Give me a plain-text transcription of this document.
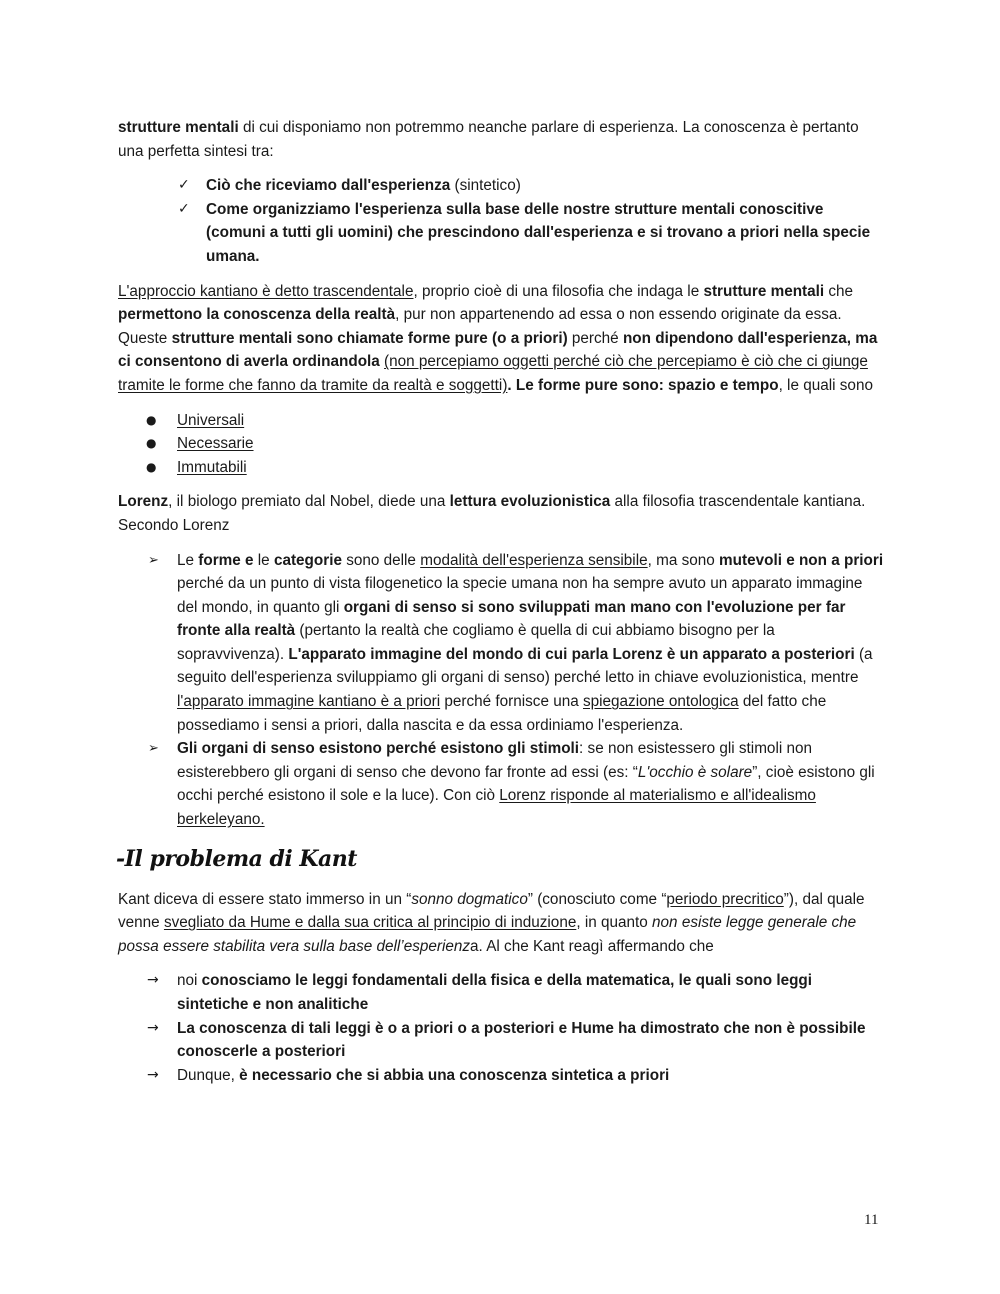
strutture mentali di cui disponiamo non potremmo neanche parlare di esperienza. La conoscenza è pertanto una perfetta sintesi tra:

✓ Ciò che riceviamo dall'esperienza (sintetico)
✓ Come organizziamo l'esperienza sulla base delle nostre strutture mentali conoscitive (comuni a tutti gli uomini) che prescindono dall'esperienza e si trovano a priori nella specie umana.

L'approccio kantiano è detto trascendentale, proprio cioè di una filosofia che indaga le strutture mentali che permettono la conoscenza della realtà, pur non appartenendo ad essa o non essendo originate da essa. Queste strutture mentali sono chiamate forme pure (o a priori) perché non dipendono dall'esperienza, ma ci consentono di averla ordinandola (non percepiamo oggetti perché ciò che percepiamo è ciò che ci giunge tramite le forme che fanno da tramite da realtà e soggetti). Le forme pure sono: spazio e tempo, le quali sono

● Universali
● Necessarie
● Immutabili

Lorenz, il biologo premiato dal Nobel, diede una lettura evoluzionistica alla filosofia trascendentale kantiana. Secondo Lorenz

➢ Le forme e le categorie sono delle modalità dell'esperienza sensibile, ma sono mutevoli e non a priori perché da un punto di vista filogenetico la specie umana non ha sempre avuto un apparato immagine del mondo, in quanto gli organi di senso si sono sviluppati man mano con l'evoluzione per far fronte alla realtà (pertanto la realtà che cogliamo è quella di cui abbiamo bisogno per la sopravvivenza). L'apparato immagine del mondo di cui parla Lorenz è un apparato a posteriori (a seguito dell'esperienza sviluppiamo gli organi di senso) perché letto in chiave evoluzionistica, mentre l'apparato immagine kantiano è a priori perché fornisce una spiegazione ontologica del fatto che possediamo i sensi a priori, dalla nascita e da essa ordiniamo l'esperienza.
➢ Gli organi di senso esistono perché esistono gli stimoli: se non esistessero gli stimoli non esisterebbero gli organi di senso che devono far fronte ad essi (es: “L'occhio è solare”, cioè esistono gli occhi perché esistono il sole e la luce). Con ciò Lorenz risponde al materialismo e all'idealismo berkeleyano.
-Il problema di Kant

Kant diceva di essere stato immerso in un “sonno dogmatico” (conosciuto come “periodo precritico”), dal quale venne svegliato da Hume e dalla sua critica al principio di induzione, in quanto non esiste legge generale che possa essere stabilita vera sulla base dell’esperienza. Al che Kant reagì affermando che

→ noi conosciamo le leggi fondamentali della fisica e della matematica, le quali sono leggi sintetiche e non analitiche
→ La conoscenza di tali leggi è o a priori o a posteriori e Hume ha dimostrato che non è possibile conoscerle a posteriori
→ Dunque, è necessario che si abbia una conoscenza sintetica a priori
11
